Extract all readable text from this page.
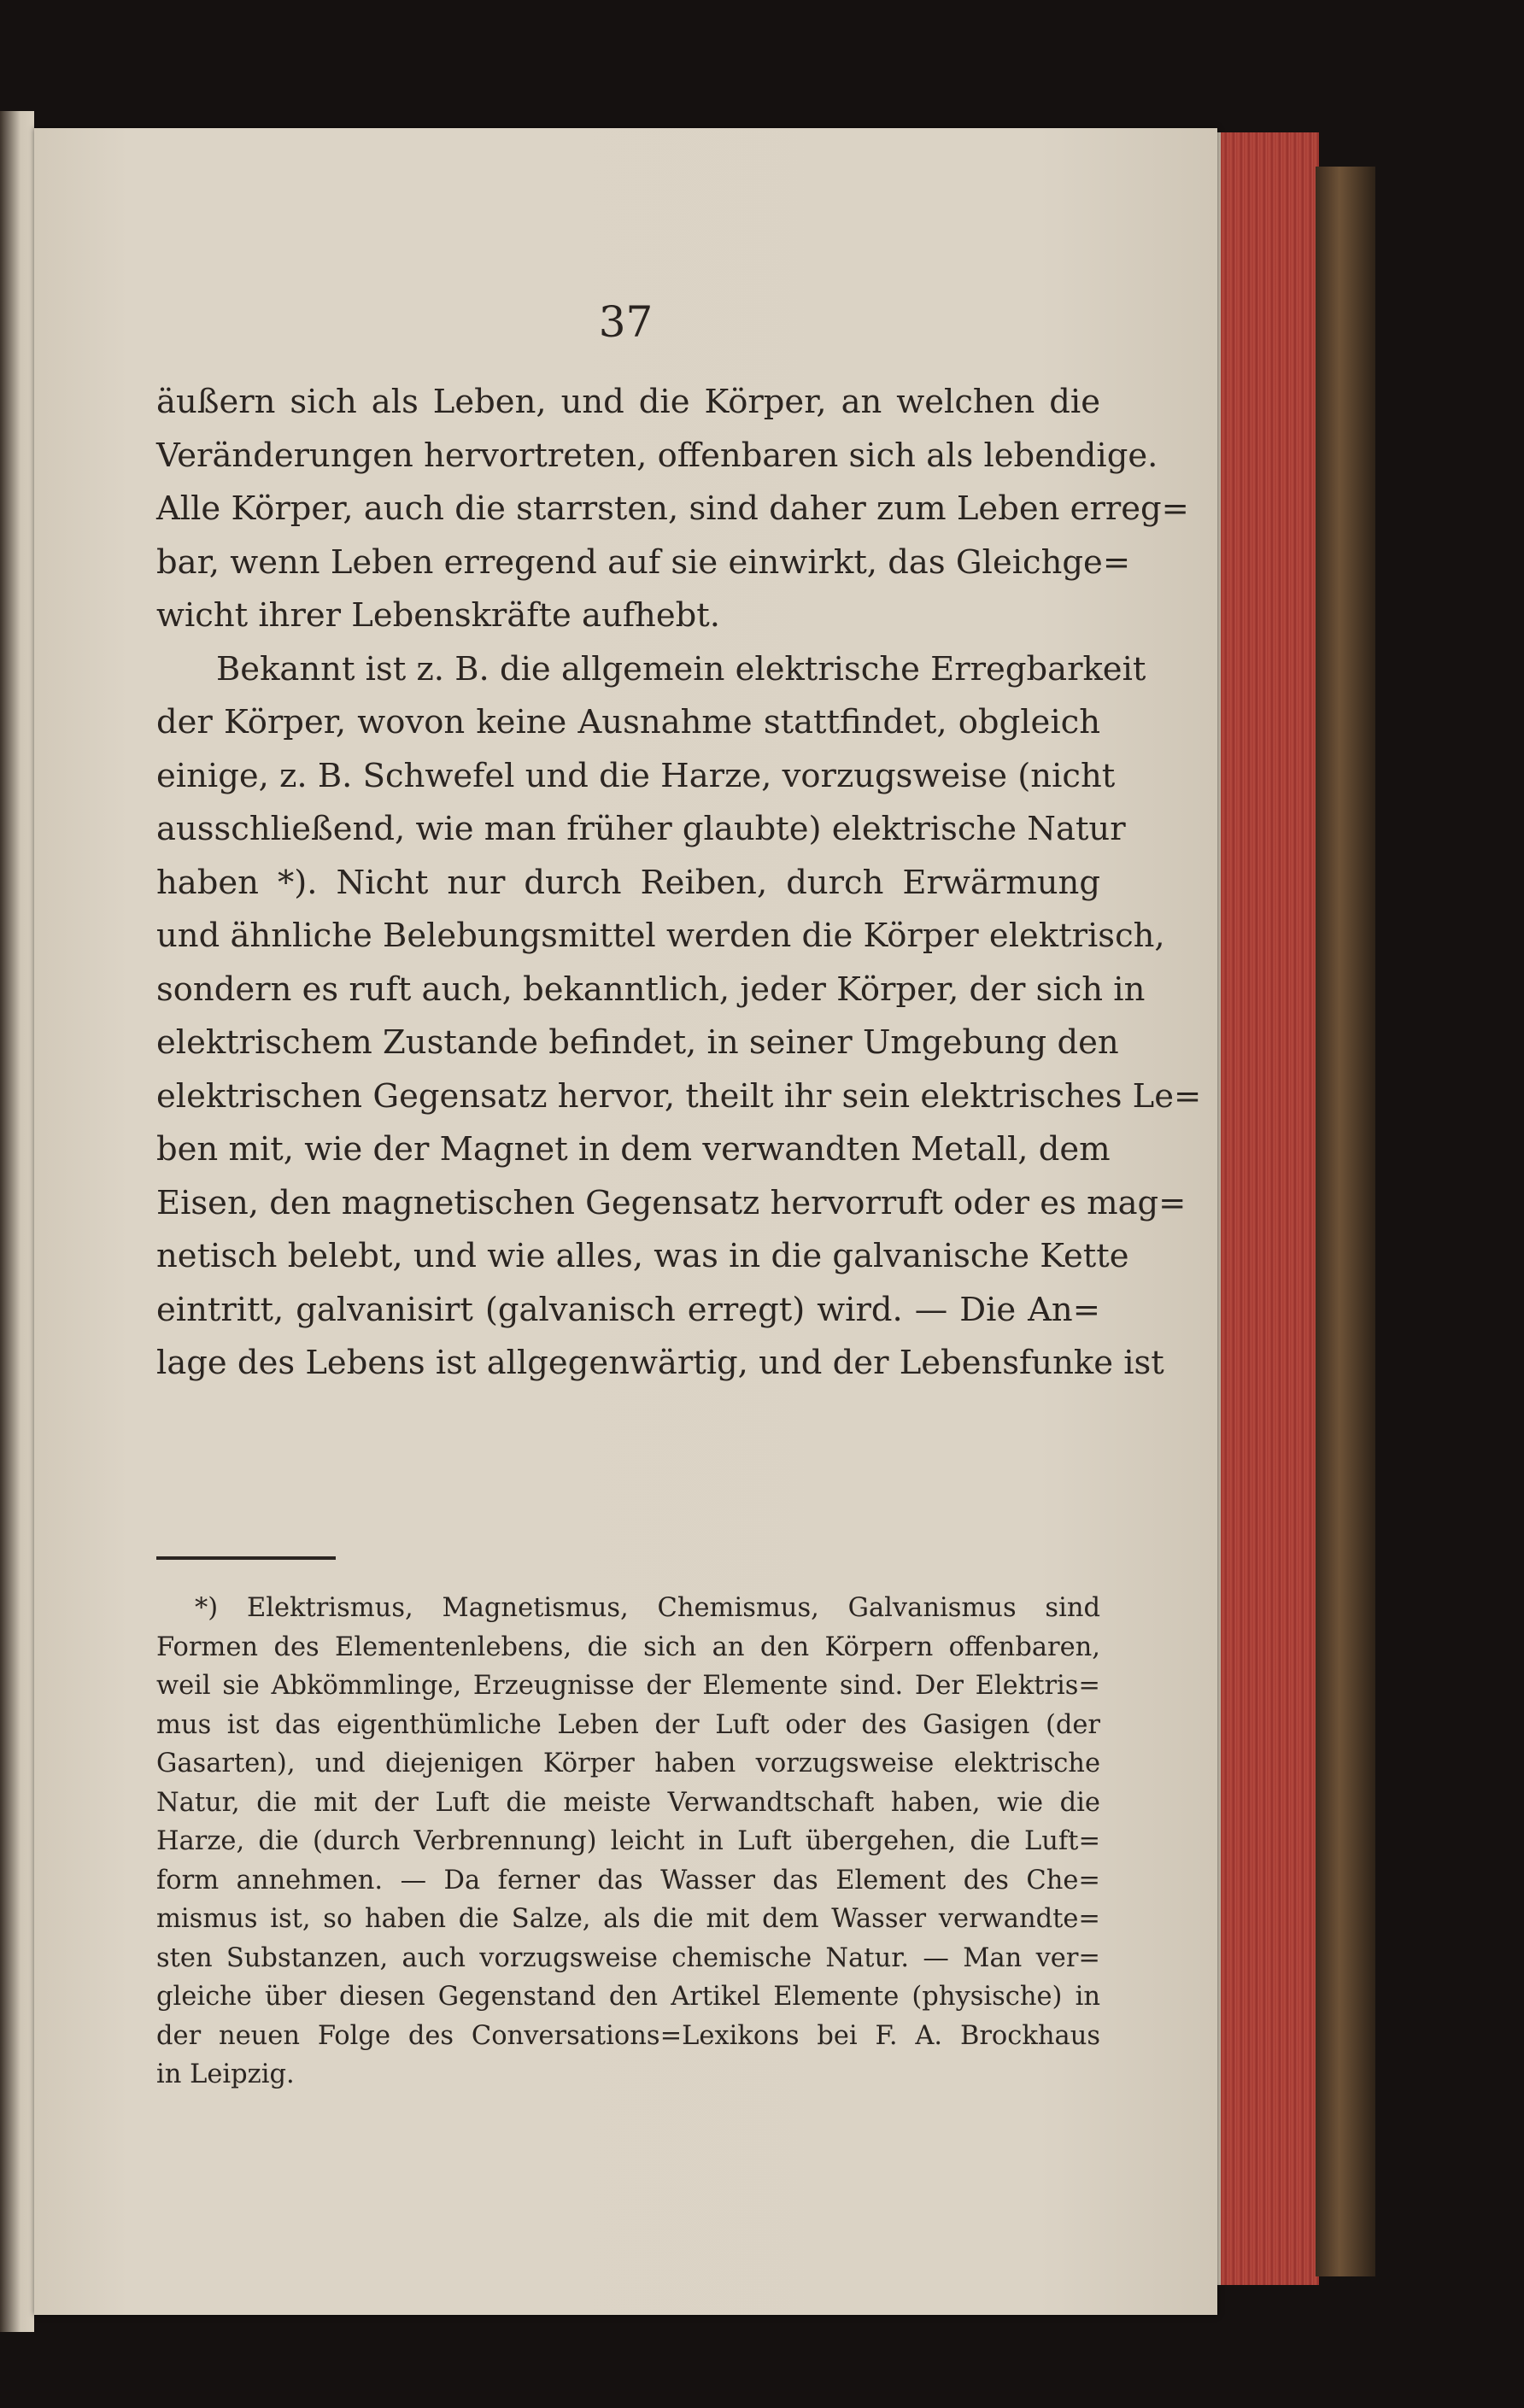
37
äußern sich als Leben, und die Körper, an welchen die
Veränderungen hervortreten, offenbaren sich als lebendige.
Alle Körper, auch die starrsten, sind daher zum Leben erreg=
bar, wenn Leben erregend auf sie einwirkt, das Gleichge=
wicht ihrer Lebenskräfte aufhebt.
Bekannt ist z. B. die allgemein elektrische Erregbarkeit
der Körper, wovon keine Ausnahme stattfindet, obgleich
einige, z. B. Schwefel und die Harze, vorzugsweise (nicht
ausschließend, wie man früher glaubte) elektrische Natur
haben *). Nicht nur durch Reiben, durch Erwärmung
und ähnliche Belebungsmittel werden die Körper elektrisch,
sondern es ruft auch, bekanntlich, jeder Körper, der sich in
elektrischem Zustande befindet, in seiner Umgebung den
elektrischen Gegensatz hervor, theilt ihr sein elektrisches Le=
ben mit, wie der Magnet in dem verwandten Metall, dem
Eisen, den magnetischen Gegensatz hervorruft oder es mag=
netisch belebt, und wie alles, was in die galvanische Kette
eintritt, galvanisirt (galvanisch erregt) wird. — Die An=
lage des Lebens ist allgegenwärtig, und der Lebensfunke ist
*) Elektrismus, Magnetismus, Chemismus, Galvanismus sind
Formen des Elementenlebens, die sich an den Körpern offenbaren,
weil sie Abkömmlinge, Erzeugnisse der Elemente sind. Der Elektris=
mus ist das eigenthümliche Leben der Luft oder des Gasigen (der
Gasarten), und diejenigen Körper haben vorzugsweise elektrische
Natur, die mit der Luft die meiste Verwandtschaft haben, wie die
Harze, die (durch Verbrennung) leicht in Luft übergehen, die Luft=
form annehmen. — Da ferner das Wasser das Element des Che=
mismus ist, so haben die Salze, als die mit dem Wasser verwandte=
sten Substanzen, auch vorzugsweise chemische Natur. — Man ver=
gleiche über diesen Gegenstand den Artikel Elemente (physische) in
der neuen Folge des Conversations=Lexikons bei F. A. Brockhaus
in Leipzig.
